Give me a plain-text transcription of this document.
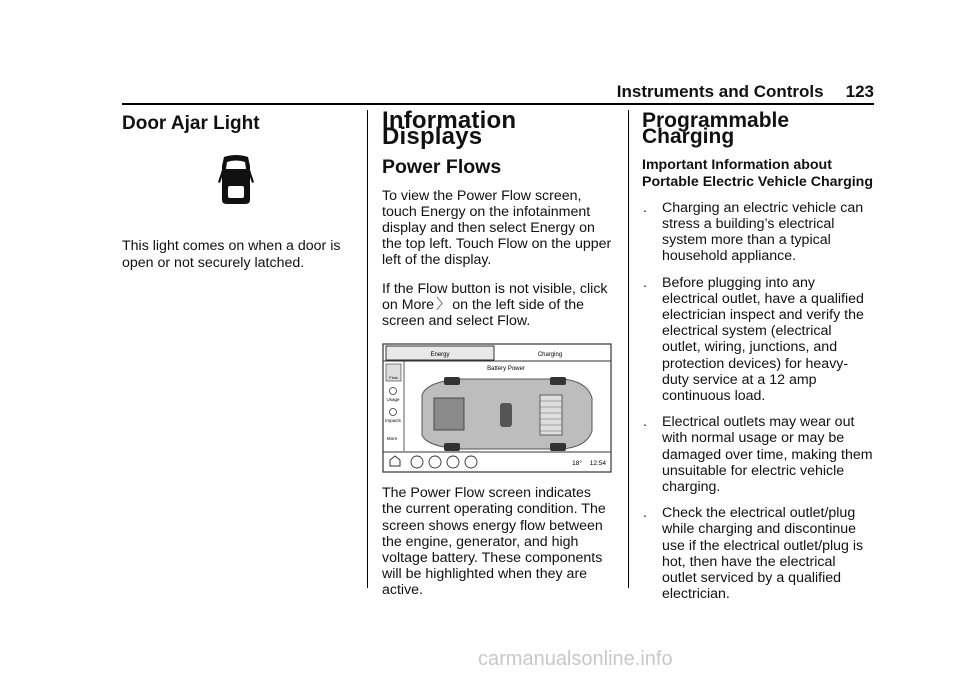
Instruments and Controls 123
Door Ajar Light

This light comes on when a door is open or not securely latched.

Information Displays
Power Flows

To view the Power Flow screen, touch Energy on the infotainment display and then select Energy on the top left. Touch Flow on the upper left of the display.

If the Flow button is not visible, click on More 〉 on the left side of the screen and select Flow.

Energy	Charging
Flow
Usage
Impacts
More
Battery Power
18° 12:54

The Power Flow screen indicates the current operating condition. The screen shows energy flow between the engine, generator, and high voltage battery. These components will be highlighted when they are active.

Programmable Charging

Important Information about Portable Electric Vehicle Charging

. Charging an electric vehicle can stress a building’s electrical system more than a typical household appliance.
. Before plugging into any electrical outlet, have a qualified electrician inspect and verify the electrical system (electrical outlet, wiring, junctions, and protection devices) for heavy-duty service at a 12 amp continuous load.
. Electrical outlets may wear out with normal usage or may be damaged over time, making them unsuitable for electric vehicle charging.
. Check the electrical outlet/plug while charging and discontinue use if the electrical outlet/plug is hot, then have the electrical outlet serviced by a qualified electrician.
carmanualsonline.info
